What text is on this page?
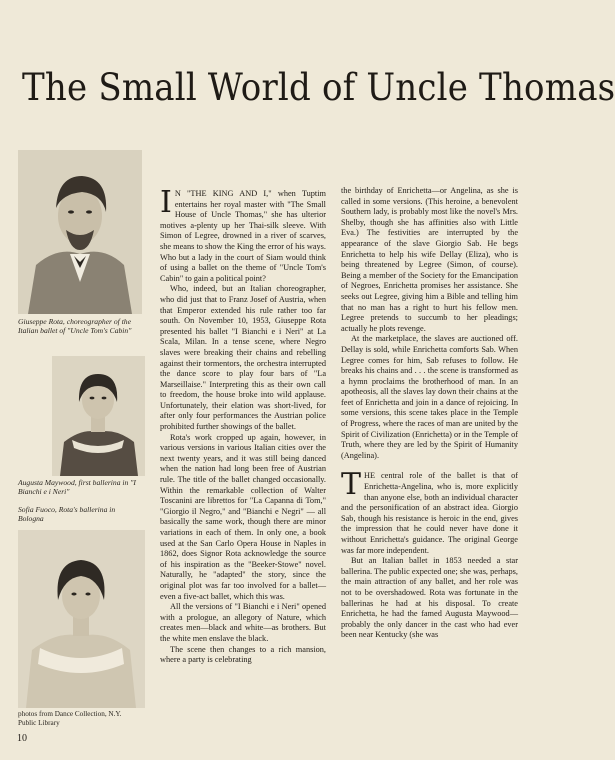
The Small World of Uncle Thomas
Giuseppe Rota, choreographer of the Italian ballet of "Uncle Tom's Cabin"
Augusta Maywood, first ballerina in "I Bianchi e i Neri"
Sofia Fuoco, Rota's ballerina in Bologna
photos from Dance Collection, N.Y. Public Library

I N "THE KING AND I," when Tuptim entertains her royal master with "The Small House of Uncle Thomas," she has ulterior motives a-plenty up her Thai-silk sleeve. With Simon of Legree, drowned in a river of scarves, she means to show the King the error of his ways. Who but a lady in the court of Siam would think of using a ballet on the theme of "Uncle Tom's Cabin" to gain a political point?

Who, indeed, but an Italian choreographer, who did just that to Franz Josef of Austria, when that Emperor extended his rule rather too far south. On November 10, 1953, Giuseppe Rota presented his ballet "I Bianchi e i Neri" at La Scala, Milan. In a tense scene, where Negro slaves were breaking their chains and rebelling against their tormentors, the orchestra interrupted the dance score to play four bars of "La Marseillaise." Interpreting this as their own call to freedom, the house broke into wild applause. Unfortunately, their elation was short-lived, for after only four performances the Austrian police prohibited further showings of the ballet.

Rota's work cropped up again, however, in various versions in various Italian cities over the next twenty years, and it was still being danced when the nation had long been free of Austrian rule. The title of the ballet changed occasionally. Within the remarkable collection of Walter Toscanini are librettos for "La Capanna di Tom," "Giorgio il Negro," and "Bianchi e Negri" — all basically the same work, though there are minor variations in each of them. In only one, a book used at the San Carlo Opera House in Naples in 1862, does Signor Rota acknowledge the source of his inspiration as the "Beeker-Stowe" novel. Naturally, he "adapted" the story, since the original plot was far too involved for a ballet—even a five-act ballet, which this was.

All the versions of "I Bianchi e i Neri" opened with a prologue, an allegory of Nature, which creates men—black and white—as brothers. But the white men enslave the black.

The scene then changes to a rich mansion, where a party is celebrating

the birthday of Enrichetta—or Angelina, as she is called in some versions. (This heroine, a benevolent Southern lady, is probably most like the novel's Mrs. Shelby, though she has affinities also with Little Eva.) The festivities are interrupted by the appearance of the slave Giorgio Sab. He begs Enrichetta to help his wife Dellay (Eliza), who is being threatened by Legree (Simon, of course). Being a member of the Society for the Emancipation of Negroes, Enrichetta promises her assistance. She seeks out Legree, giving him a Bible and telling him that no man has a right to hurt his fellow men. Legree pretends to succumb to her pleadings; actually he plots revenge.

At the marketplace, the slaves are auctioned off. Dellay is sold, while Enrichetta comforts Sab. When Legree comes for him, Sab refuses to follow. He breaks his chains and . . . the scene is transformed as a hymn proclaims the brotherhood of man. In an apotheosis, all the slaves lay down their chains at the feet of Enrichetta and join in a dance of rejoicing. In some versions, this scene takes place in the Temple of Progress, where the races of man are united by the Spirit of Civilization (Enrichetta) or in the Temple of Truth, where they are led by the Spirit of Humanity (Angelina).

THE central role of the ballet is that of Enrichetta-Angelina, who is, more explicitly than anyone else, both an individual character and the personification of an abstract idea. Giorgio Sab, though his resistance is heroic in the end, gives the impression that he could never have done it without Enrichetta's guidance. The original George was far more independent.

But an Italian ballet in 1853 needed a star ballerina. The public expected one; she was, perhaps, the main attraction of any ballet, and her role was not to be overshadowed. Rota was fortunate in the ballerinas he had at his disposal. To create Enrichetta, he had the famed Augusta Maywood—probably the only dancer in the cast who had ever been near Kentucky (she was

10
